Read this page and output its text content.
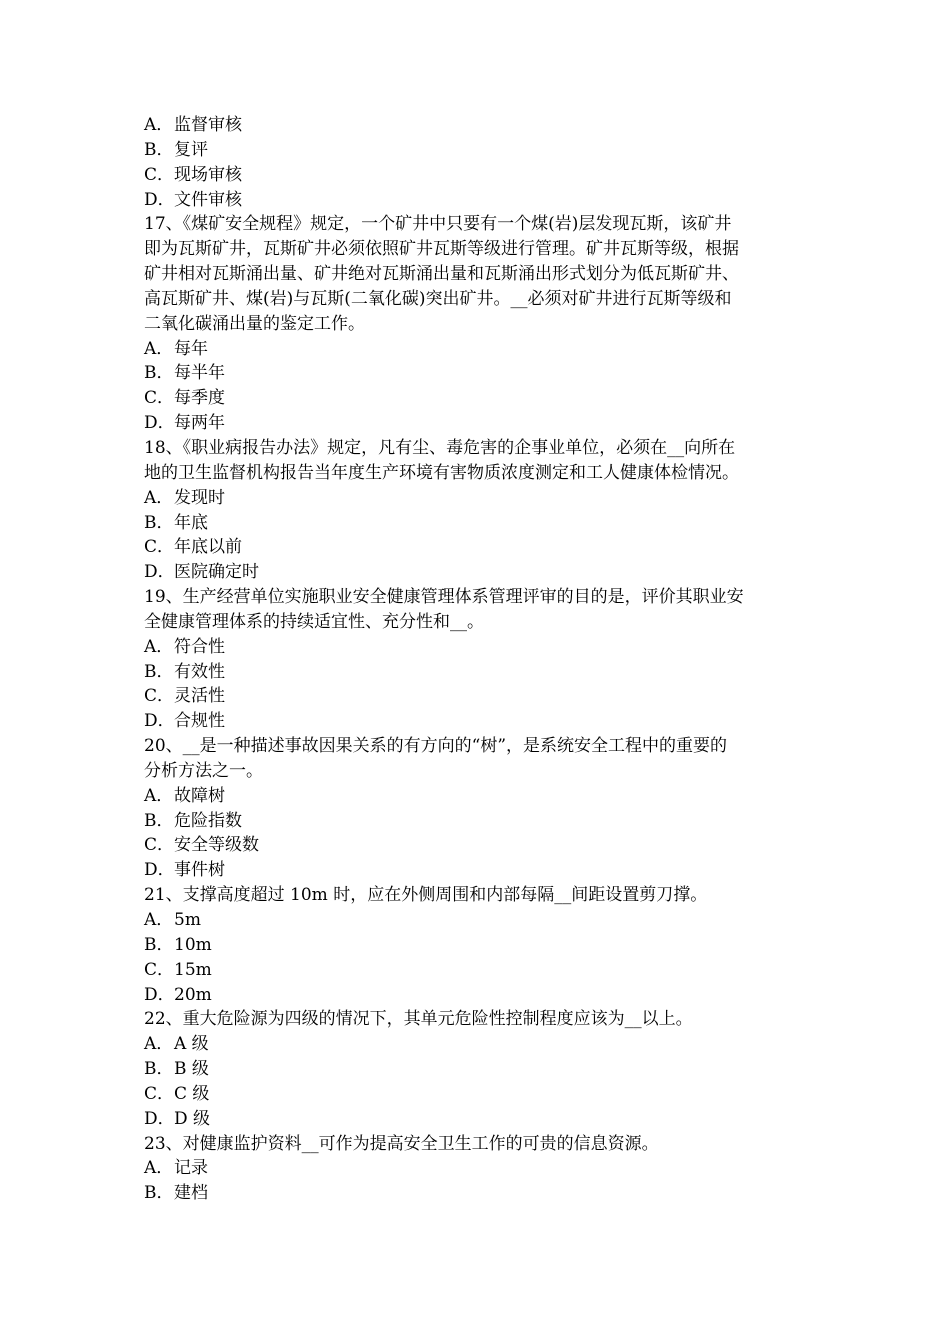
A．监督审核
B．复评
C．现场审核
D．文件审核
17、《煤矿安全规程》规定，一个矿井中只要有一个煤(岩)层发现瓦斯，该矿井
即为瓦斯矿井，瓦斯矿井必须依照矿井瓦斯等级进行管理。矿井瓦斯等级，根据
矿井相对瓦斯涌出量、矿井绝对瓦斯涌出量和瓦斯涌出形式划分为低瓦斯矿井、
高瓦斯矿井、煤(岩)与瓦斯(二氧化碳)突出矿井。__必须对矿井进行瓦斯等级和
二氧化碳涌出量的鉴定工作。
A．每年
B．每半年
C．每季度
D．每两年
18、《职业病报告办法》规定，凡有尘、毒危害的企事业单位，必须在__向所在
地的卫生监督机构报告当年度生产环境有害物质浓度测定和工人健康体检情况。
A．发现时
B．年底
C．年底以前
D．医院确定时
19、生产经营单位实施职业安全健康管理体系管理评审的目的是，评价其职业安
全健康管理体系的持续适宜性、充分性和__。
A．符合性
B．有效性
C．灵活性
D．合规性
20、__是一种描述事故因果关系的有方向的“树”，是系统安全工程中的重要的
分析方法之一。
A．故障树
B．危险指数
C．安全等级数
D．事件树
21、支撑高度超过 10m 时，应在外侧周围和内部每隔__间距设置剪刀撑。
A．5m
B．10m
C．15m
D．20m
22、重大危险源为四级的情况下，其单元危险性控制程度应该为__以上。
A．A 级
B．B 级
C．C 级
D．D 级
23、对健康监护资料__可作为提高安全卫生工作的可贵的信息资源。
A．记录
B．建档
